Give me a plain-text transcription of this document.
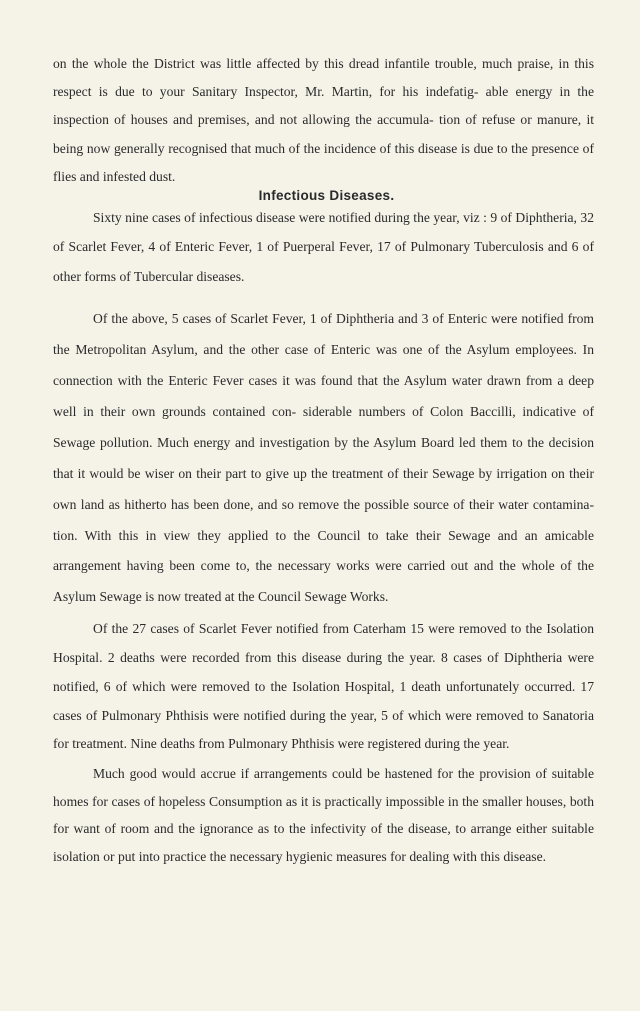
on the whole the District was little affected by this dread infantile trouble, much praise, in this respect is due to your Sanitary Inspector, Mr. Martin, for his indefatig- able energy in the inspection of houses and premises, and not allowing the accumula- tion of refuse or manure, it being now generally recognised that much of the incidence of this disease is due to the presence of flies and infested dust.

Infectious Diseases.

Sixty nine cases of infectious disease were notified during the year, viz : 9 of Diphtheria, 32 of Scarlet Fever, 4 of Enteric Fever, 1 of Puerperal Fever, 17 of Pulmonary Tuberculosis and 6 of other forms of Tubercular diseases.

Of the above, 5 cases of Scarlet Fever, 1 of Diphtheria and 3 of Enteric were notified from the Metropolitan Asylum, and the other case of Enteric was one of the Asylum employees. In connection with the Enteric Fever cases it was found that the Asylum water drawn from a deep well in their own grounds contained con- siderable numbers of Colon Baccilli, indicative of Sewage pollution. Much energy and investigation by the Asylum Board led them to the decision that it would be wiser on their part to give up the treatment of their Sewage by irrigation on their own land as hitherto has been done, and so remove the possible source of their water contamina- tion. With this in view they applied to the Council to take their Sewage and an amicable arrangement having been come to, the necessary works were carried out and the whole of the Asylum Sewage is now treated at the Council Sewage Works.

Of the 27 cases of Scarlet Fever notified from Caterham 15 were removed to the Isolation Hospital. 2 deaths were recorded from this disease during the year. 8 cases of Diphtheria were notified, 6 of which were removed to the Isolation Hospital, 1 death unfortunately occurred. 17 cases of Pulmonary Phthisis were notified during the year, 5 of which were removed to Sanatoria for treatment. Nine deaths from Pulmonary Phthisis were registered during the year.

Much good would accrue if arrangements could be hastened for the provision of suitable homes for cases of hopeless Consumption as it is practically impossible in the smaller houses, both for want of room and the ignorance as to the infectivity of the disease, to arrange either suitable isolation or put into practice the necessary hygienic measures for dealing with this disease.
